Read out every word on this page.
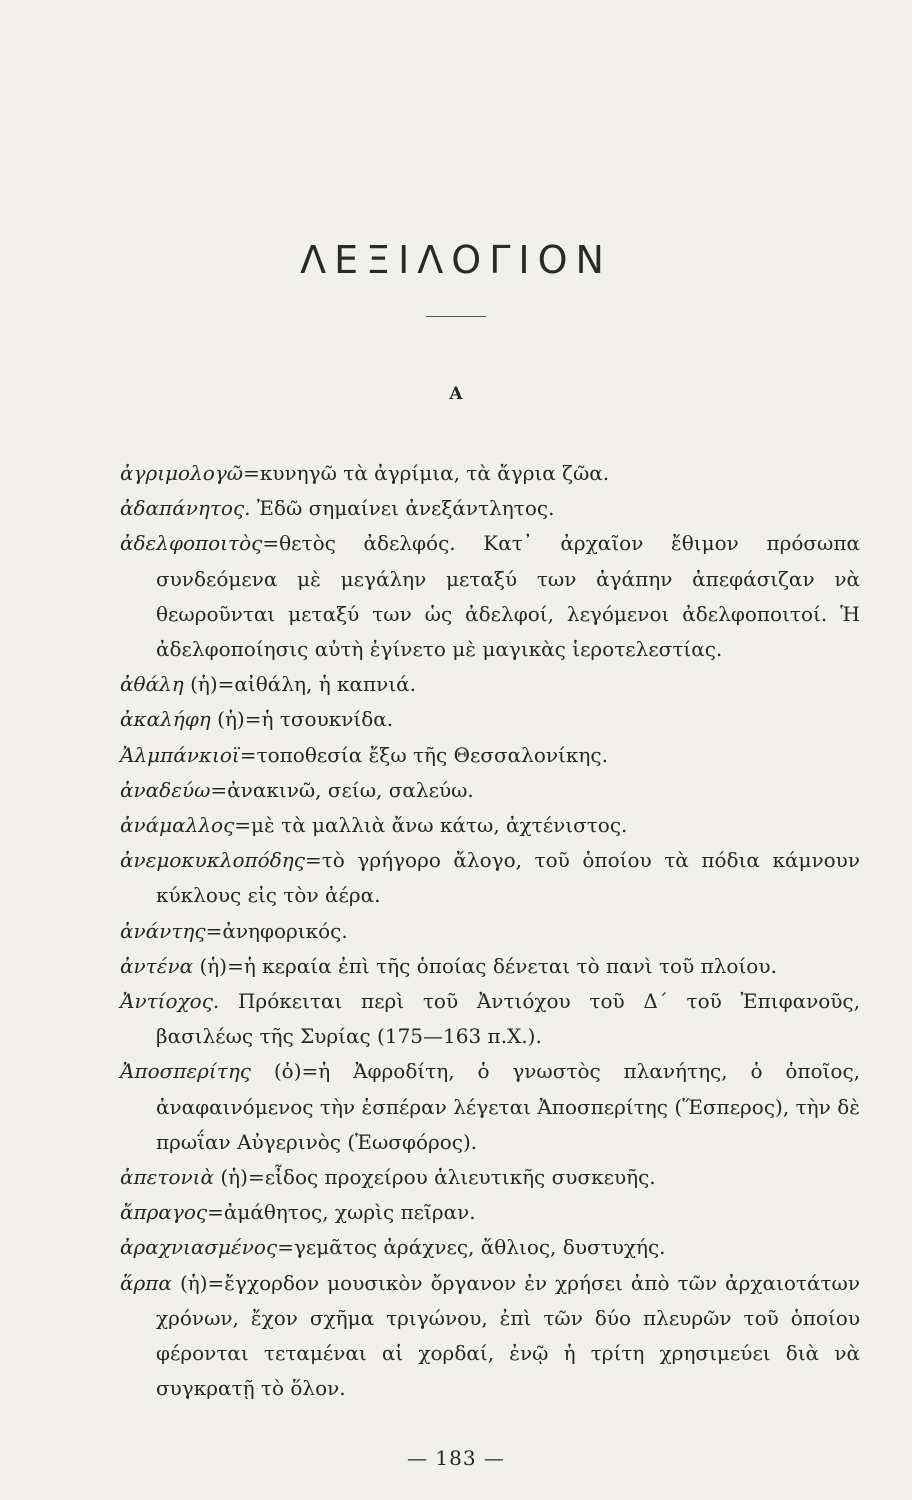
ΛΕΞΙΛΟΓΙΟΝ
Α

ἀγριμολογῶ=κυνηγῶ τὰ ἀγρίμια, τὰ ἄγρια ζῶα.

ἀδαπάνητος. Ἐδῶ σημαίνει ἀνεξάντλητος.

ἀδελφοποιτὸς=θετὸς ἀδελφός. Κατ᾿ ἀρχαῖον ἔθιμον πρόσωπα συνδεόμενα μὲ μεγάλην μεταξύ των ἀγάπην ἀπεφάσιζαν νὰ θεωροῦνται μεταξύ των ὡς ἀδελφοί, λεγόμενοι ἀδελφοποιτοί. Ἡ ἀδελφοποίησις αὐτὴ ἐγίνετο μὲ μαγικὰς ἱεροτελεστίας.

ἀθάλη (ἡ)=αἰθάλη, ἡ καπνιά.

ἀκαλήφη (ἡ)=ἡ τσουκνίδα.

Ἀλμπάνκιοϊ=τοποθεσία ἔξω τῆς Θεσσαλονίκης.

ἀναδεύω=ἀνακινῶ, σείω, σαλεύω.

ἀνάμαλλος=μὲ τὰ μαλλιὰ ἄνω κάτω, ἀχτένιστος.

ἀνεμοκυκλοπόδης=τὸ γρήγορο ἄλογο, τοῦ ὁποίου τὰ πόδια κάμνουν κύκλους εἰς τὸν ἀέρα.

ἀνάντης=ἀνηφορικός.

ἀντένα (ἡ)=ἡ κεραία ἐπὶ τῆς ὁποίας δένεται τὸ πανὶ τοῦ πλοίου.

Ἀντίοχος. Πρόκειται περὶ τοῦ Ἀντιόχου τοῦ Δ΄ τοῦ Ἐπιφανοῦς, βασιλέως τῆς Συρίας (175—163 π.Χ.).

Ἀποσπερίτης (ὁ)=ἡ Ἀφροδίτη, ὁ γνωστὸς πλανήτης, ὁ ὁποῖος, ἀναφαινόμενος τὴν ἑσπέραν λέγεται Ἀποσπερίτης (Ἕσπερος), τὴν δὲ πρωΐαν Αὐγερινὸς (Ἑωσφόρος).

ἀπετονιὰ (ἡ)=εἶδος προχείρου ἁλιευτικῆς συσκευῆς.

ἄπραγος=ἀμάθητος, χωρὶς πεῖραν.

ἀραχνιασμένος=γεμᾶτος ἀράχνες, ἄθλιος, δυστυχής.

ἅρπα (ἡ)=ἔγχορδον μουσικὸν ὄργανον ἐν χρήσει ἀπὸ τῶν ἀρχαιοτάτων χρόνων, ἔχον σχῆμα τριγώνου, ἐπὶ τῶν δύο πλευρῶν τοῦ ὁποίου φέρονται τεταμέναι αἱ χορδαί, ἐνῷ ἡ τρίτη χρησιμεύει διὰ νὰ συγκρατῇ τὸ ὅλον.

— 183 —
